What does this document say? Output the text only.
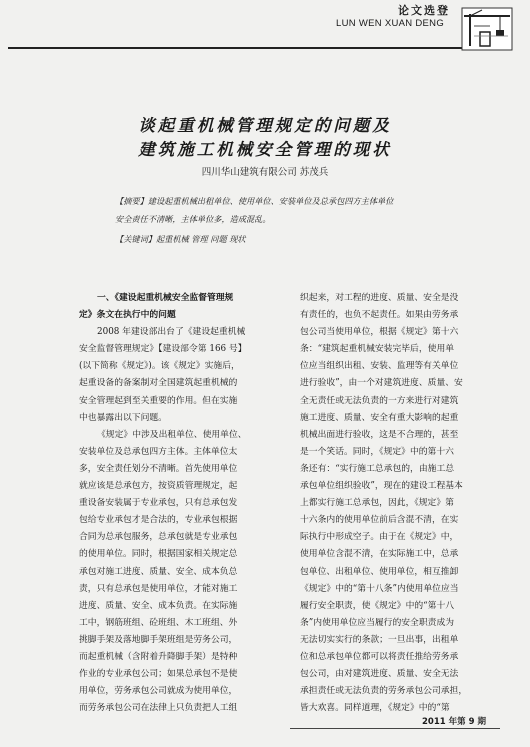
论文选登
LUN WEN XUAN DENG
谈起重机械管理规定的问题及
建筑施工机械安全管理的现状
四川华山建筑有限公司 苏茂兵
【摘要】建设起重机械出租单位、使用单位、安装单位及总承包四方主体单位
安全责任不清晰，主体单位多，造成混乱。
【关键词】起重机械 管理 问题 现状
一、《建设起重机械安全监督管理规
定》条文在执行中的问题
2008 年建设部出台了《建设起重机械
安全监督管理规定》【建设部令第 166 号】
(以下简称《规定》)。该《规定》实施后，
起重设备的备案制对全国建筑起重机械的
安全管理起到至关重要的作用。但在实施
中也暴露出以下问题。
《规定》中涉及出租单位、使用单位、
安装单位及总承包四方主体。主体单位太
多，安全责任划分不清晰。首先使用单位
就应该是总承包方，按资质管理规定，起
重设备安装属于专业承包，只有总承包发
包给专业承包才是合法的，专业承包根据
合同为总承包服务，总承包就是专业承包
的使用单位。同时，根据国家相关规定总
承包对施工进度、质量、安全、成本负总
责，只有总承包是使用单位，才能对施工
进度、质量、安全、成本负责。在实际施
工中，钢筋班组、砼班组、木工班组、外
挑脚手架及落地脚手架班组是劳务公司，
而起重机械（含附着升降脚手架）是特种
作业的专业承包公司；如果总承包不是使
用单位，劳务承包公司就成为使用单位，
而劳务承包公司在法律上只负责把人工组
织起来，对工程的进度、质量、安全是没
有责任的，也负不起责任。如果由劳务承
包公司当使用单位，根据《规定》第十六
条：“建筑起重机械安装完毕后，使用单
位应当组织出租、安装、监理等有关单位
进行验收”，由一个对建筑进度、质量、安
全无责任或无法负责的一方来进行对建筑
施工进度、质量、安全有重大影响的起重
机械出面进行验收，这是不合理的，甚至
是一个笑话。同时，《规定》中的第十六
条还有：“实行施工总承包的，由施工总
承包单位组织验收”，现在的建设工程基本
上都实行施工总承包，因此，《规定》第
十六条内的使用单位前后含混不清，在实
际执行中形成空子。由于在《规定》中，
使用单位含混不清，在实际施工中，总承
包单位、出租单位、使用单位，相互推卸
《规定》中的“第十八条”内使用单位应当
履行安全职责，使《规定》中的“第十八
条”内使用单位应当履行的安全职责成为
无法切实实行的条款；一旦出事，出租单
位和总承包单位都可以将责任推给劳务承
包公司，由对建筑进度、质量、安全无法
承担责任或无法负责的劳务承包公司承担，
皆大欢喜。同样道理，《规定》中的“第
2011 年第 9 期
